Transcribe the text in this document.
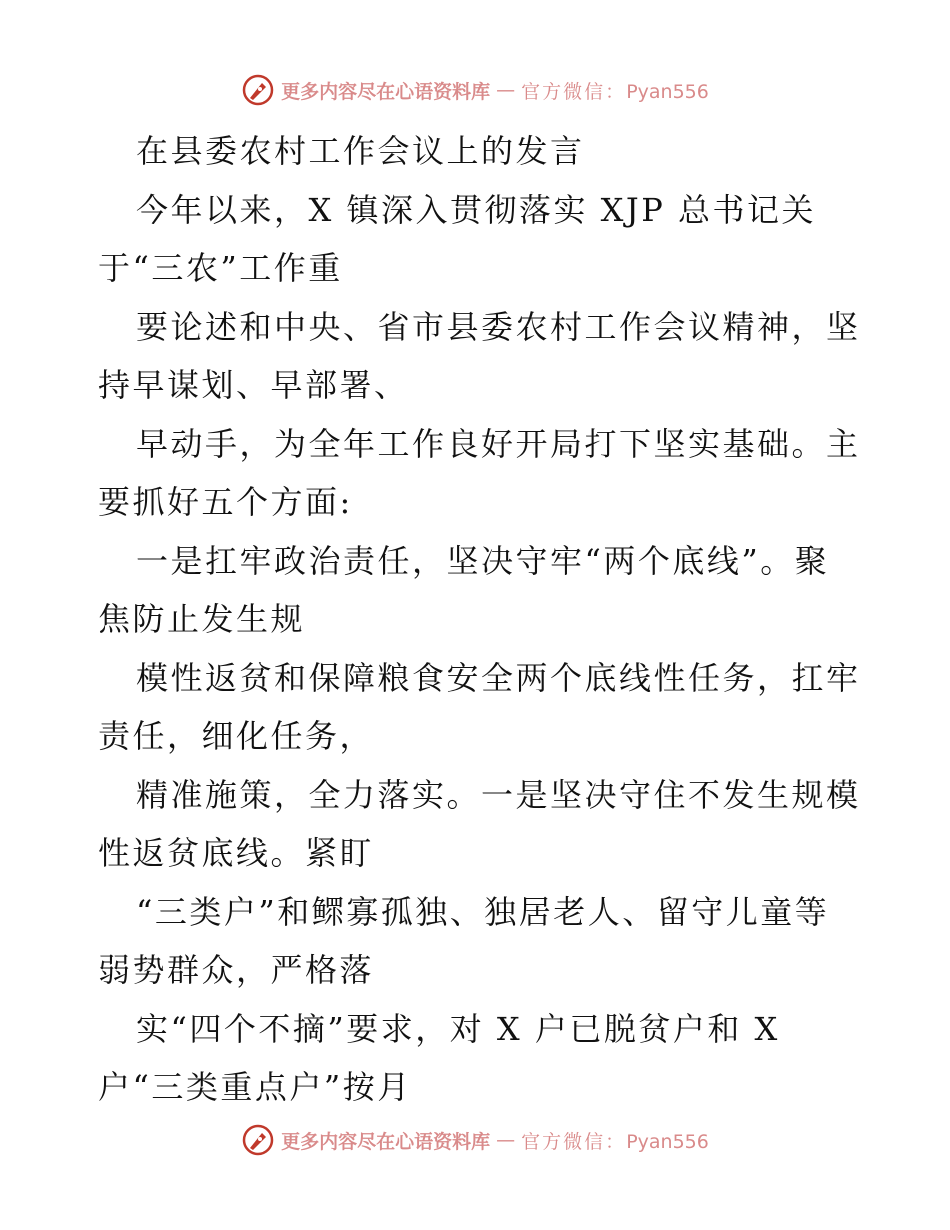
更多内容尽在心语资料库 — 官方微信：Pyan556
在县委农村工作会议上的发言
今年以来，X 镇深入贯彻落实 XJP 总书记关
于“三农”工作重
要论述和中央、省市县委农村工作会议精神，坚
持早谋划、早部署、
早动手，为全年工作良好开局打下坚实基础。主
要抓好五个方面:
一是扛牢政治责任，坚决守牢“两个底线”。聚
焦防止发生规
模性返贫和保障粮食安全两个底线性任务，扛牢
责任，细化任务，
精准施策，全力落实。一是坚决守住不发生规模
性返贫底线。紧盯
“三类户”和鳏寡孤独、独居老人、留守儿童等
弱势群众，严格落
实“四个不摘”要求，对 X 户已脱贫户和 X
户“三类重点户”按月
更多内容尽在心语资料库 — 官方微信：Pyan556
